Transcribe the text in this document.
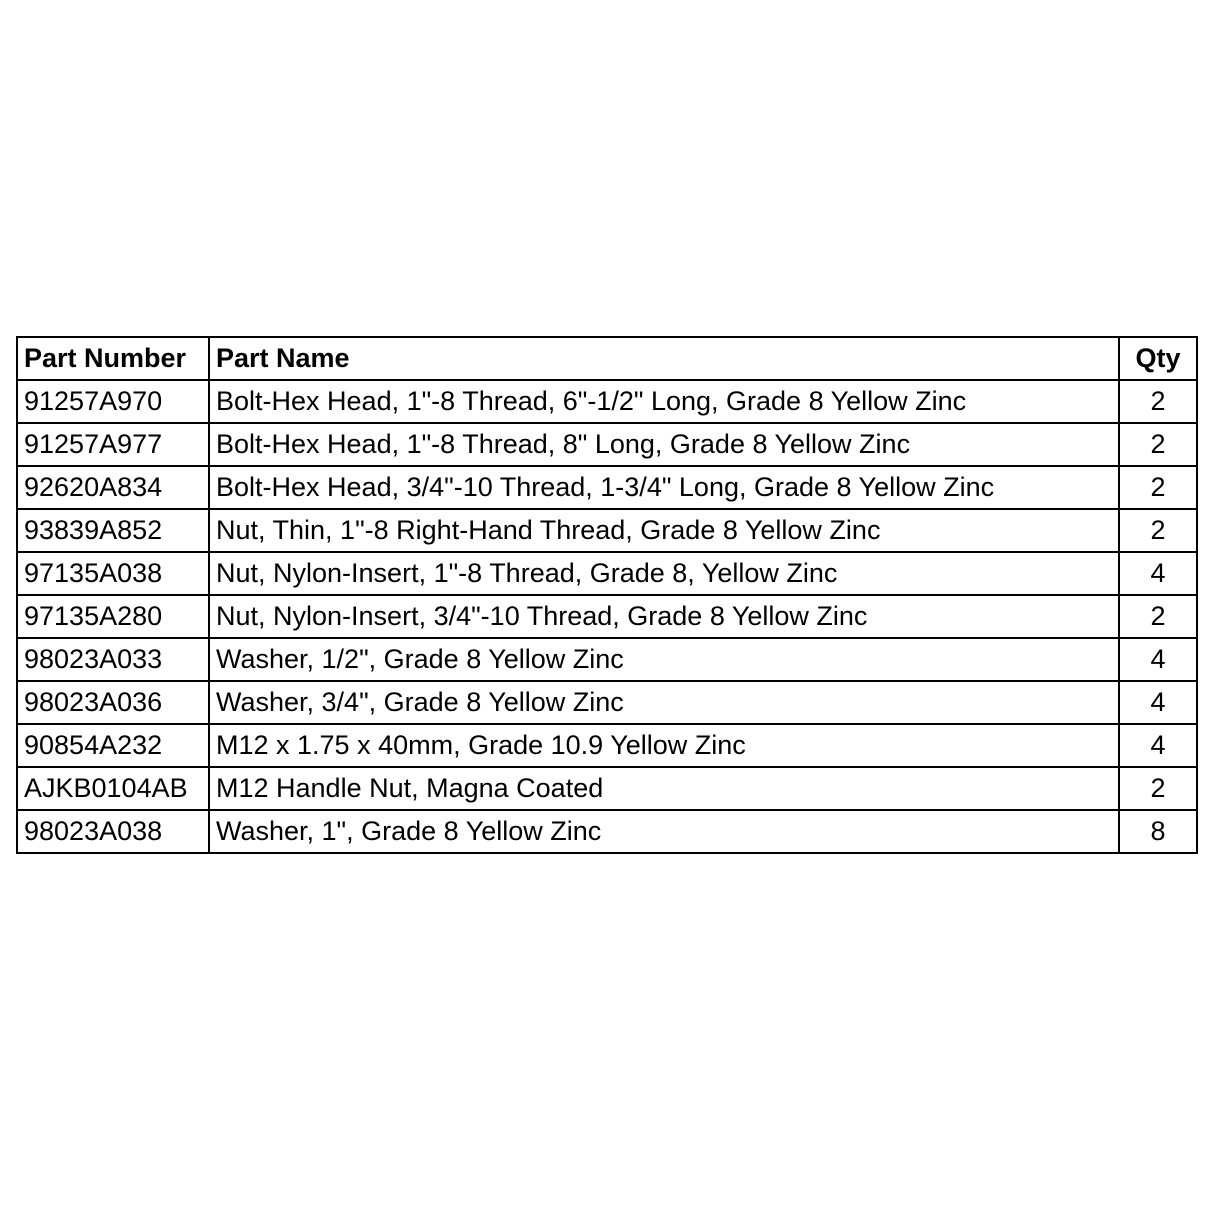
Part Number	Part Name	Qty
91257A970	Bolt-Hex Head, 1"-8 Thread, 6"-1/2" Long, Grade 8 Yellow Zinc	2
91257A977	Bolt-Hex Head, 1"-8 Thread, 8" Long, Grade 8 Yellow Zinc	2
92620A834	Bolt-Hex Head, 3/4"-10 Thread, 1-3/4" Long, Grade 8 Yellow Zinc	2
93839A852	Nut, Thin, 1"-8 Right-Hand Thread, Grade 8 Yellow Zinc	2
97135A038	Nut, Nylon-Insert, 1"-8 Thread, Grade 8, Yellow Zinc	4
97135A280	Nut, Nylon-Insert, 3/4"-10 Thread, Grade 8 Yellow Zinc	2
98023A033	Washer, 1/2", Grade 8 Yellow Zinc	4
98023A036	Washer, 3/4", Grade 8 Yellow Zinc	4
90854A232	M12 x 1.75 x 40mm, Grade 10.9 Yellow Zinc	4
AJKB0104AB	M12 Handle Nut, Magna Coated	2
98023A038	Washer, 1", Grade 8 Yellow Zinc	8
